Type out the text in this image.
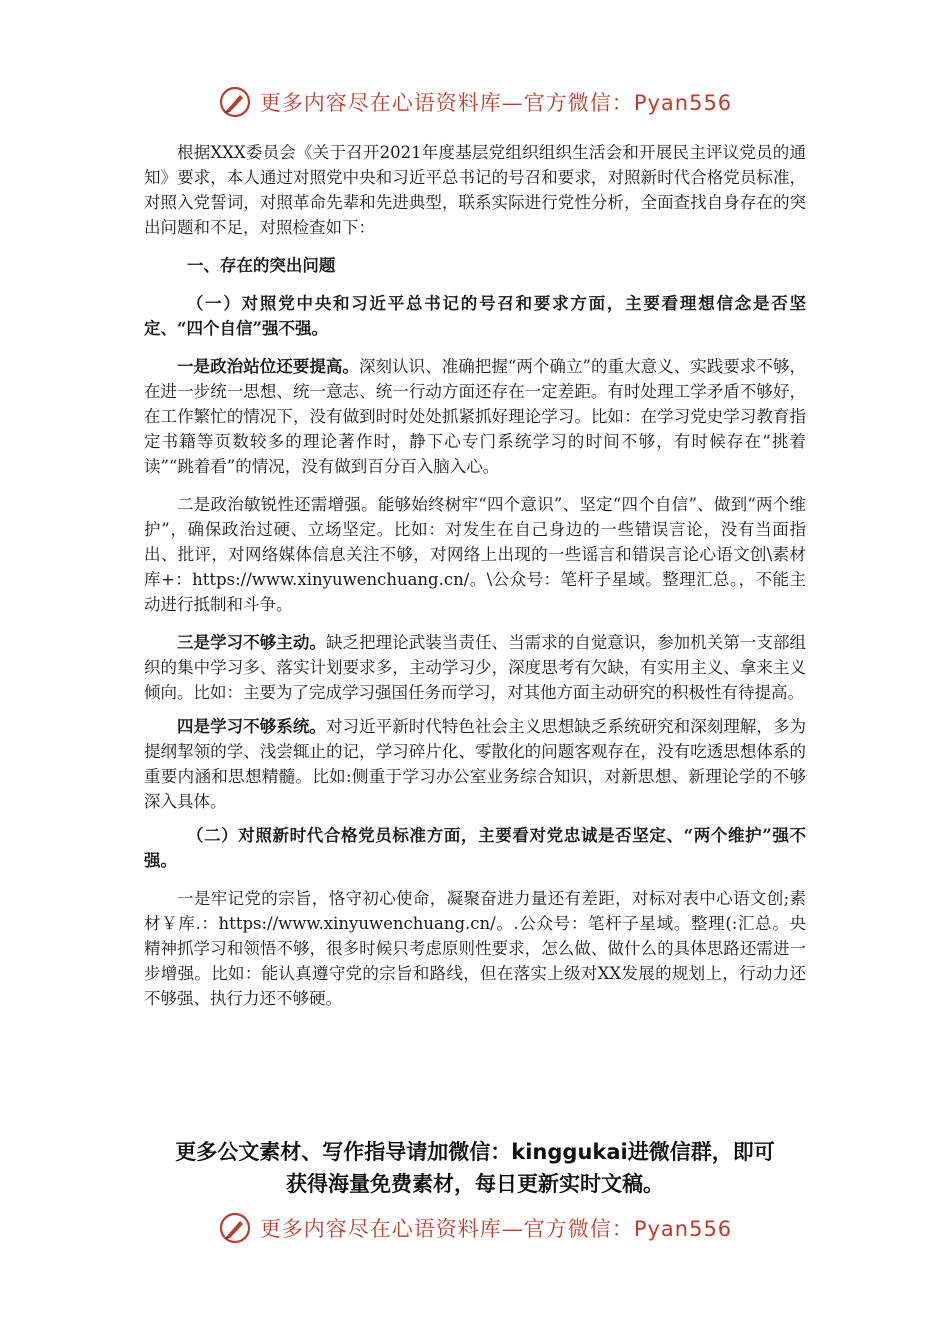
更多内容尽在心语资料库—官方微信：Pyan556

根据XXX委员会《关于召开2021年度基层党组织组织生活会和开展民主评议党员的通知》要求，本人通过对照党中央和习近平总书记的号召和要求，对照新时代合格党员标准，对照入党誓词，对照革命先辈和先进典型，联系实际进行党性分析，全面查找自身存在的突出问题和不足，对照检查如下：

一、存在的突出问题

（一）对照党中央和习近平总书记的号召和要求方面，主要看理想信念是否坚定、“四个自信”强不强。

一是政治站位还要提高。深刻认识、准确把握“两个确立”的重大意义、实践要求不够，在进一步统一思想、统一意志、统一行动方面还存在一定差距。有时处理工学矛盾不够好，在工作繁忙的情况下，没有做到时时处处抓紧抓好理论学习。比如：在学习党史学习教育指定书籍等页数较多的理论著作时，静下心专门系统学习的时间不够，有时候存在“挑着读”“跳着看”的情况，没有做到百分百入脑入心。

二是政治敏锐性还需增强。能够始终树牢“四个意识”、坚定“四个自信”、做到“两个维护”，确保政治过硬、立场坚定。比如：对发生在自己身边的一些错误言论，没有当面指出、批评，对网络媒体信息关注不够，对网络上出现的一些谣言和错误言论心语文创\素材库+：https://www.xinyuwenchuang.cn/。\公众号：笔杆子星域。整理汇总。，不能主动进行抵制和斗争。

三是学习不够主动。缺乏把理论武装当责任、当需求的自觉意识，参加机关第一支部组织的集中学习多、落实计划要求多，主动学习少，深度思考有欠缺，有实用主义、拿来主义倾向。比如：主要为了完成学习强国任务而学习，对其他方面主动研究的积极性有待提高。

四是学习不够系统。对习近平新时代特色社会主义思想缺乏系统研究和深刻理解，多为提纲挈领的学、浅尝辄止的记，学习碎片化、零散化的问题客观存在，没有吃透思想体系的重要内涵和思想精髓。比如:侧重于学习办公室业务综合知识，对新思想、新理论学的不够深入具体。

（二）对照新时代合格党员标准方面，主要看对党忠诚是否坚定、“两个维护”强不强。

一是牢记党的宗旨，恪守初心使命，凝聚奋进力量还有差距，对标对表中心语文创;素材￥库.：https://www.xinyuwenchuang.cn/。.公众号：笔杆子星域。整理(:汇总。央精神抓学习和领悟不够，很多时候只考虑原则性要求，怎么做、做什么的具体思路还需进一步增强。比如：能认真遵守党的宗旨和路线，但在落实上级对XX发展的规划上，行动力还不够强、执行力还不够硬。

更多公文素材、写作指导请加微信：kinggukai进微信群，即可
获得海量免费素材，每日更新实时文稿。
更多内容尽在心语资料库—官方微信：Pyan556
